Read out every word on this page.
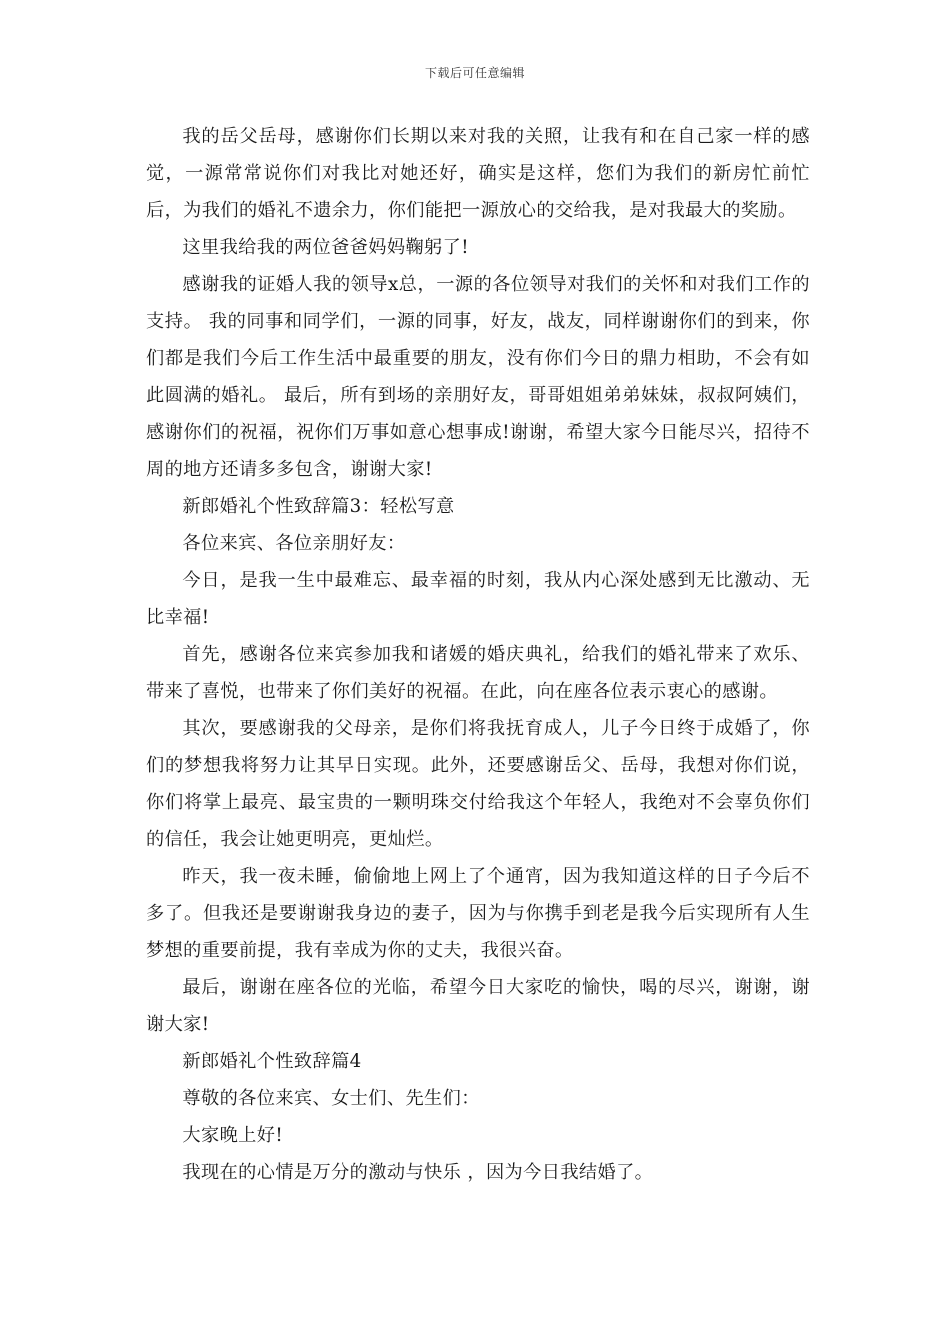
下载后可任意编辑

我的岳父岳母，感谢你们长期以来对我的关照，让我有和在自己家一样的感觉，一源常常说你们对我比对她还好，确实是这样，您们为我们的新房忙前忙后，为我们的婚礼不遗余力，你们能把一源放心的交给我，是对我最大的奖励。

这里我给我的两位爸爸妈妈鞠躬了!

感谢我的证婚人我的领导x总，一源的各位领导对我们的关怀和对我们工作的支持。 我的同事和同学们，一源的同事，好友，战友，同样谢谢你们的到来，你们都是我们今后工作生活中最重要的朋友，没有你们今日的鼎力相助，不会有如此圆满的婚礼。 最后，所有到场的亲朋好友，哥哥姐姐弟弟妹妹，叔叔阿姨们，感谢你们的祝福，祝你们万事如意心想事成!谢谢，希望大家今日能尽兴，招待不周的地方还请多多包含，谢谢大家!

新郎婚礼个性致辞篇3：轻松写意

各位来宾、各位亲朋好友：

今日，是我一生中最难忘、最幸福的时刻，我从内心深处感到无比激动、无比幸福!

首先，感谢各位来宾参加我和诸媛的婚庆典礼，给我们的婚礼带来了欢乐、带来了喜悦，也带来了你们美好的祝福。在此，向在座各位表示衷心的感谢。

其次，要感谢我的父母亲，是你们将我抚育成人，儿子今日终于成婚了，你们的梦想我将努力让其早日实现。此外，还要感谢岳父、岳母，我想对你们说，你们将掌上最亮、最宝贵的一颗明珠交付给我这个年轻人，我绝对不会辜负你们的信任，我会让她更明亮，更灿烂。

昨天，我一夜未睡，偷偷地上网上了个通宵，因为我知道这样的日子今后不多了。但我还是要谢谢我身边的妻子，因为与你携手到老是我今后实现所有人生梦想的重要前提，我有幸成为你的丈夫，我很兴奋。

最后，谢谢在座各位的光临，希望今日大家吃的愉快，喝的尽兴，谢谢，谢谢大家!

新郎婚礼个性致辞篇4

尊敬的各位来宾、女士们、先生们：

大家晚上好!

我现在的心情是万分的激动与快乐 ，因为今日我结婚了。
